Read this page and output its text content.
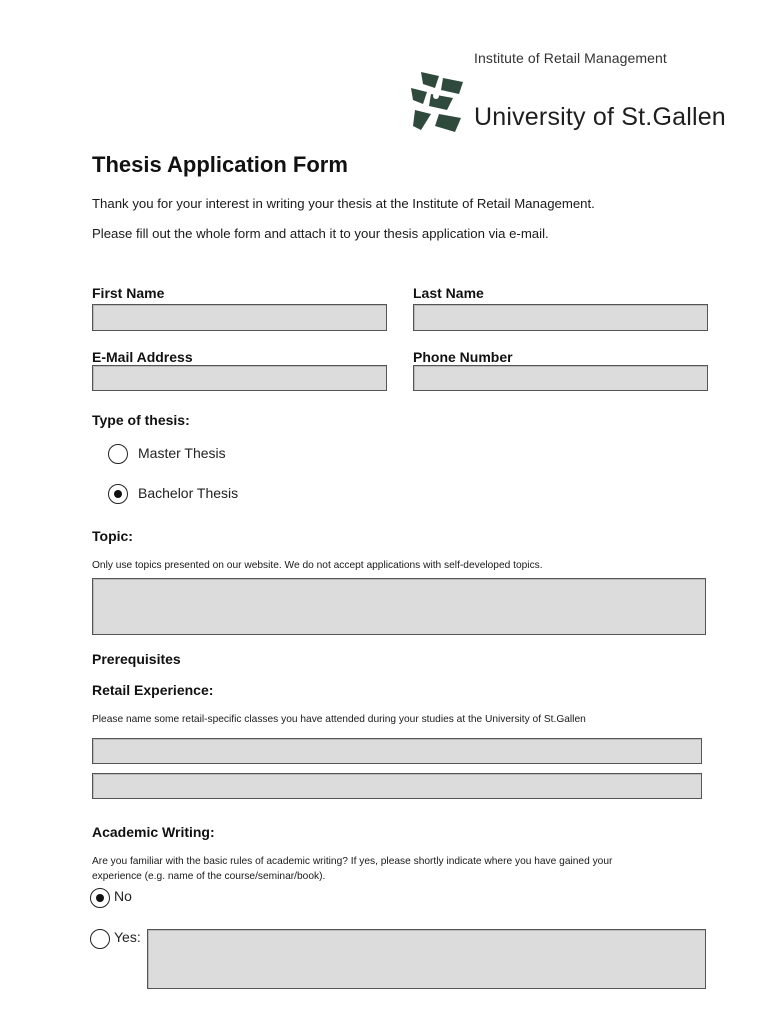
Institute of Retail Management
University of St.Gallen
Thesis Application Form
Thank you for your interest in writing your thesis at the Institute of Retail Management.
Please fill out the whole form and attach it to your thesis application via e-mail.
First Name	Last Name
E-Mail Address	Phone Number
Type of thesis:
Master Thesis
Bachelor Thesis
Topic:
Only use topics presented on our website. We do not accept applications with self-developed topics.
Prerequisites
Retail Experience:
Please name some retail-specific classes you have attended during your studies at the University of St.Gallen
Academic Writing:
Are you familiar with the basic rules of academic writing? If yes, please shortly indicate where you have gained your
experience (e.g. name of the course/seminar/book).
No
Yes:
